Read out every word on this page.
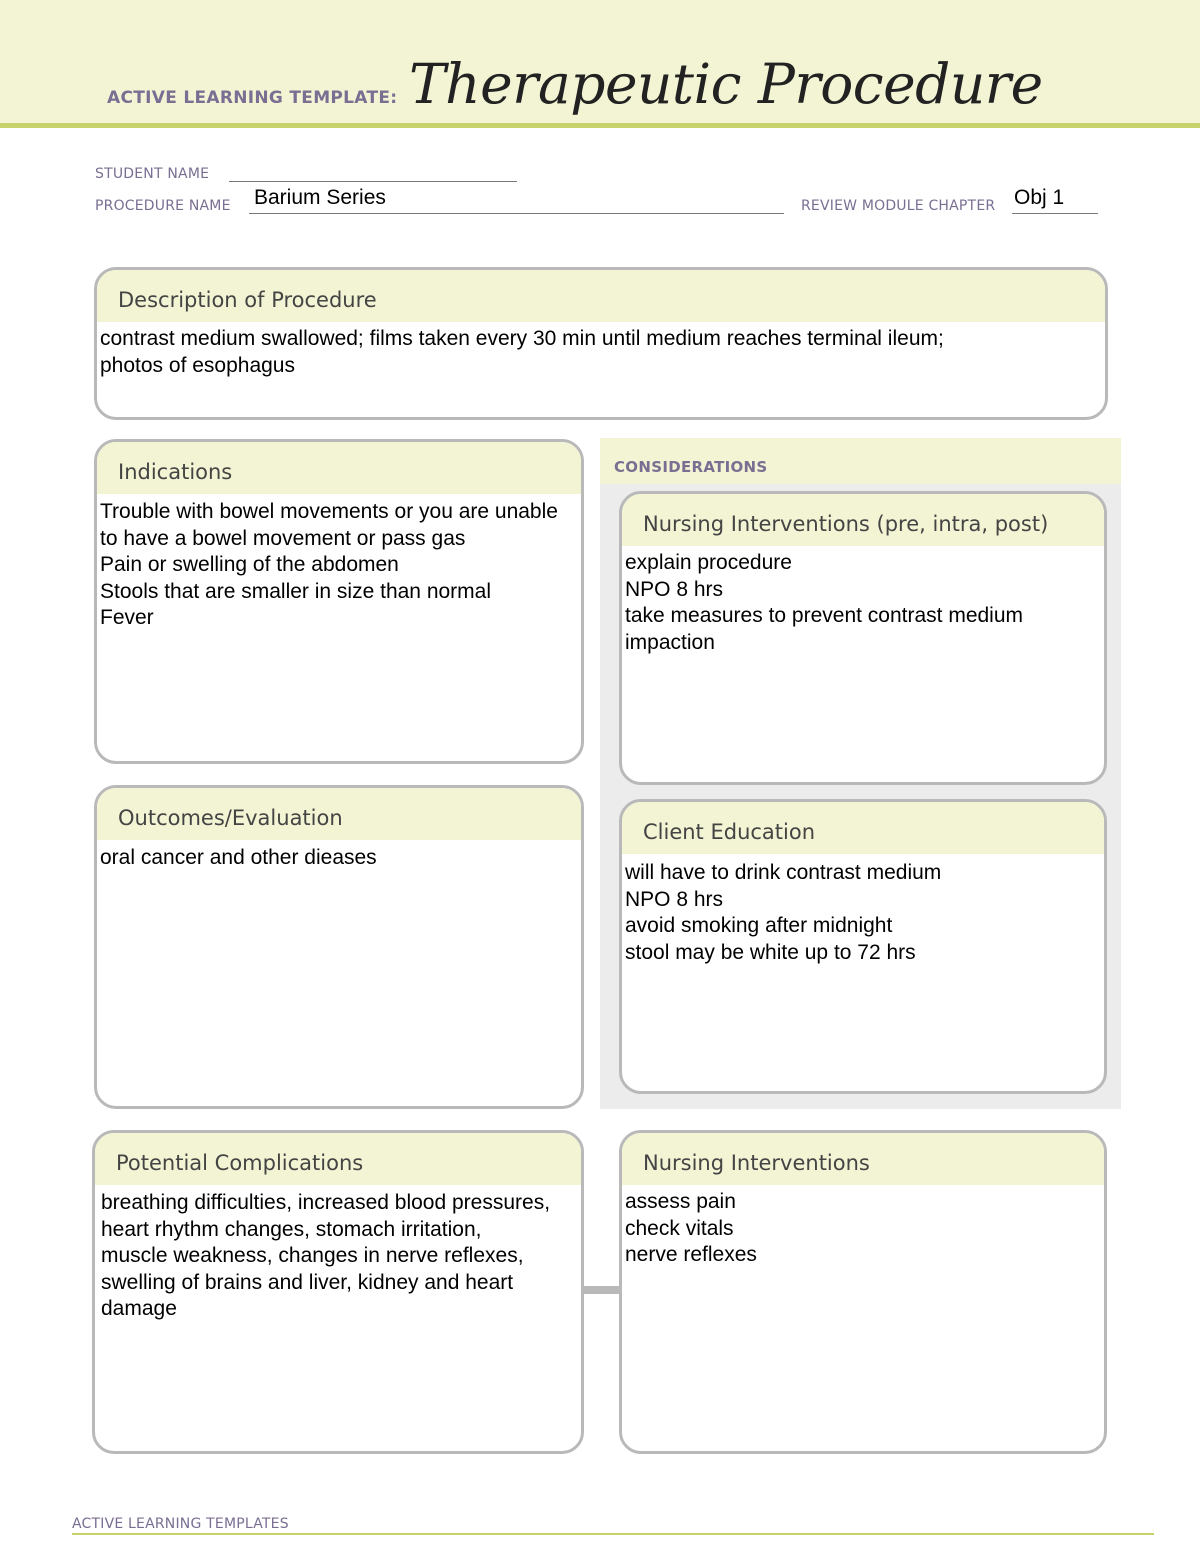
ACTIVE LEARNING TEMPLATE: Therapeutic Procedure
STUDENT NAME
PROCEDURE NAME Barium Series	REVIEW MODULE CHAPTER Obj 1
Description of Procedure
contrast medium swallowed; films taken every 30 min until medium reaches terminal ileum;
photos of esophagus
CONSIDERATIONS
Indications
Trouble with bowel movements or you are unable to have a bowel movement or pass gas
Pain or swelling of the abdomen
Stools that are smaller in size than normal
Fever
Nursing Interventions (pre, intra, post)
explain procedure
NPO 8 hrs
take measures to prevent contrast medium impaction
Outcomes/Evaluation
oral cancer and other dieases
Client Education
will have to drink contrast medium
NPO 8 hrs
avoid smoking after midnight
stool may be white up to 72 hrs
Potential Complications
breathing difficulties, increased blood pressures, heart rhythm changes, stomach irritation, muscle weakness, changes in nerve reflexes, swelling of brains and liver, kidney and heart damage
Nursing Interventions
assess pain
check vitals
nerve reflexes
ACTIVE LEARNING TEMPLATES
